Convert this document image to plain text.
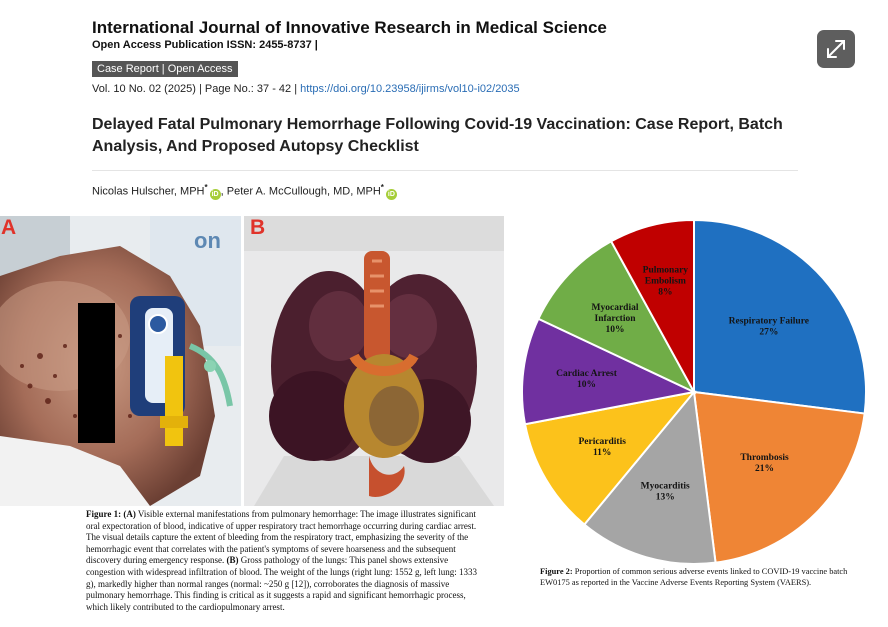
International Journal of Innovative Research in Medical Science
Open Access Publication ISSN: 2455-8737 |
Case Report | Open Access
Vol. 10 No. 02 (2025) | Page No.: 37 - 42 | https://doi.org/10.23958/ijirms/vol10-i02/2035
Delayed Fatal Pulmonary Hemorrhage Following Covid-19 Vaccination: Case Report, Batch Analysis, And Proposed Autopsy Checklist
Nicolas Hulscher, MPH*iD , Peter A. McCullough, MD, MPH*iD
on
A	B
Figure 1: (A) Visible external manifestations from pulmonary hemorrhage: The image illustrates significant oral expectoration of blood, indicative of upper respiratory tract hemorrhage occurring during cardiac arrest. The visual details capture the extent of bleeding from the respiratory tract, emphasizing the severity of the hemorrhagic event that correlates with the patient's symptoms of severe hoarseness and the subsequent discovery during emergency response. (B) Gross pathology of the lungs: This panel shows extensive congestion with widespread infiltration of blood. The weight of the lungs (right lung: 1552 g, left lung: 1333 g), markedly higher than normal ranges (normal: ~250 g [12]), corroborates the diagnosis of massive pulmonary hemorrhage. This finding is critical as it suggests a rapid and significant hemorrhagic process, which likely contributed to the cardiopulmonary arrest.
Respiratory Failure
27%
Thrombosis
21%
Myocarditis
13%
Pericarditis
11%
Cardiac Arrest
10%
Myocardial
Infarction
10%
Pulmonary
Embolism
8%
Figure 2: Proportion of common serious adverse events linked to COVID-19 vaccine batch EW0175 as reported in the Vaccine Adverse Events Reporting System (VAERS).
